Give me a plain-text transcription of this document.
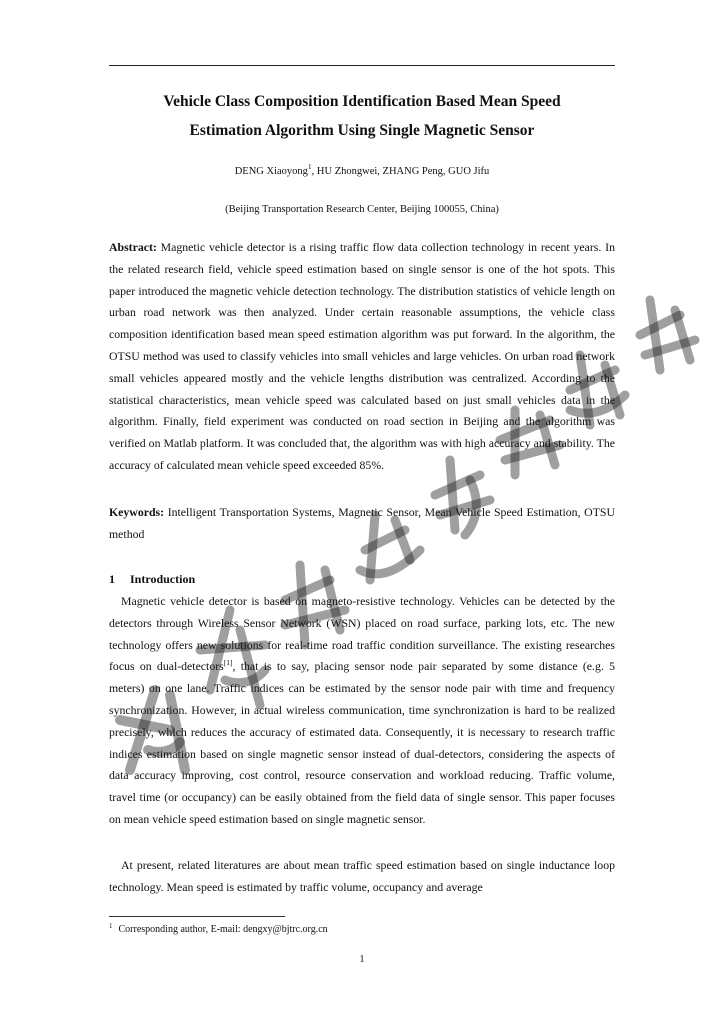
Vehicle Class Composition Identification Based Mean Speed
Estimation Algorithm Using Single Magnetic Sensor
DENG Xiaoyong$^1$, HU Zhongwei, ZHANG Peng, GUO Jifu
(Beijing Transportation Research Center, Beijing 100055, China)
Abstract: Magnetic vehicle detector is a rising traffic flow data collection technology in recent years. In the related research field, vehicle speed estimation based on single sensor is one of the hot spots. This paper introduced the magnetic vehicle detection technology. The distribution statistics of vehicle length on urban road network was then analyzed. Under certain reasonable assumptions, the vehicle class composition identification based mean speed estimation algorithm was put forward. In the algorithm, the OTSU method was used to classify vehicles into small vehicles and large vehicles. On urban road network small vehicles appeared mostly and the vehicle lengths distribution was centralized. According to the statistical characteristics, mean vehicle speed was calculated based on just small vehicles data in the algorithm. Finally, field experiment was conducted on road section in Beijing and the algorithm was verified on Matlab platform. It was concluded that, the algorithm was with high accuracy and stability. The accuracy of calculated mean vehicle speed exceeded 85%.
Keywords: Intelligent Transportation Systems, Magnetic Sensor, Mean Vehicle Speed Estimation, OTSU method
1 Introduction
Magnetic vehicle detector is based on magneto-resistive technology. Vehicles can be detected by the detectors through Wireless Sensor Network (WSN) placed on road surface, parking lots, etc. The new technology offers new solutions for real-time road traffic condition surveillance. The existing researches focus on dual-detectors[1], that is to say, placing sensor node pair separated by some distance (e.g. 5 meters) on one lane. Traffic indices can be estimated by the sensor node pair with time and frequency synchronization. However, in actual wireless communication, time synchronization is hard to be realized precisely, which reduces the accuracy of estimated data. Consequently, it is necessary to research traffic indices estimation based on single magnetic sensor instead of dual-detectors, considering the aspects of data accuracy improving, cost control, resource conservation and workload reducing. Traffic volume, travel time (or occupancy) can be easily obtained from the field data of single sensor. This paper focuses on mean vehicle speed estimation based on single magnetic sensor.
At present, related literatures are about mean traffic speed estimation based on single inductance loop technology. Mean speed is estimated by traffic volume, occupancy and average
$^1$ Corresponding author, E-mail: dengxy@bjtrc.org.cn
1
